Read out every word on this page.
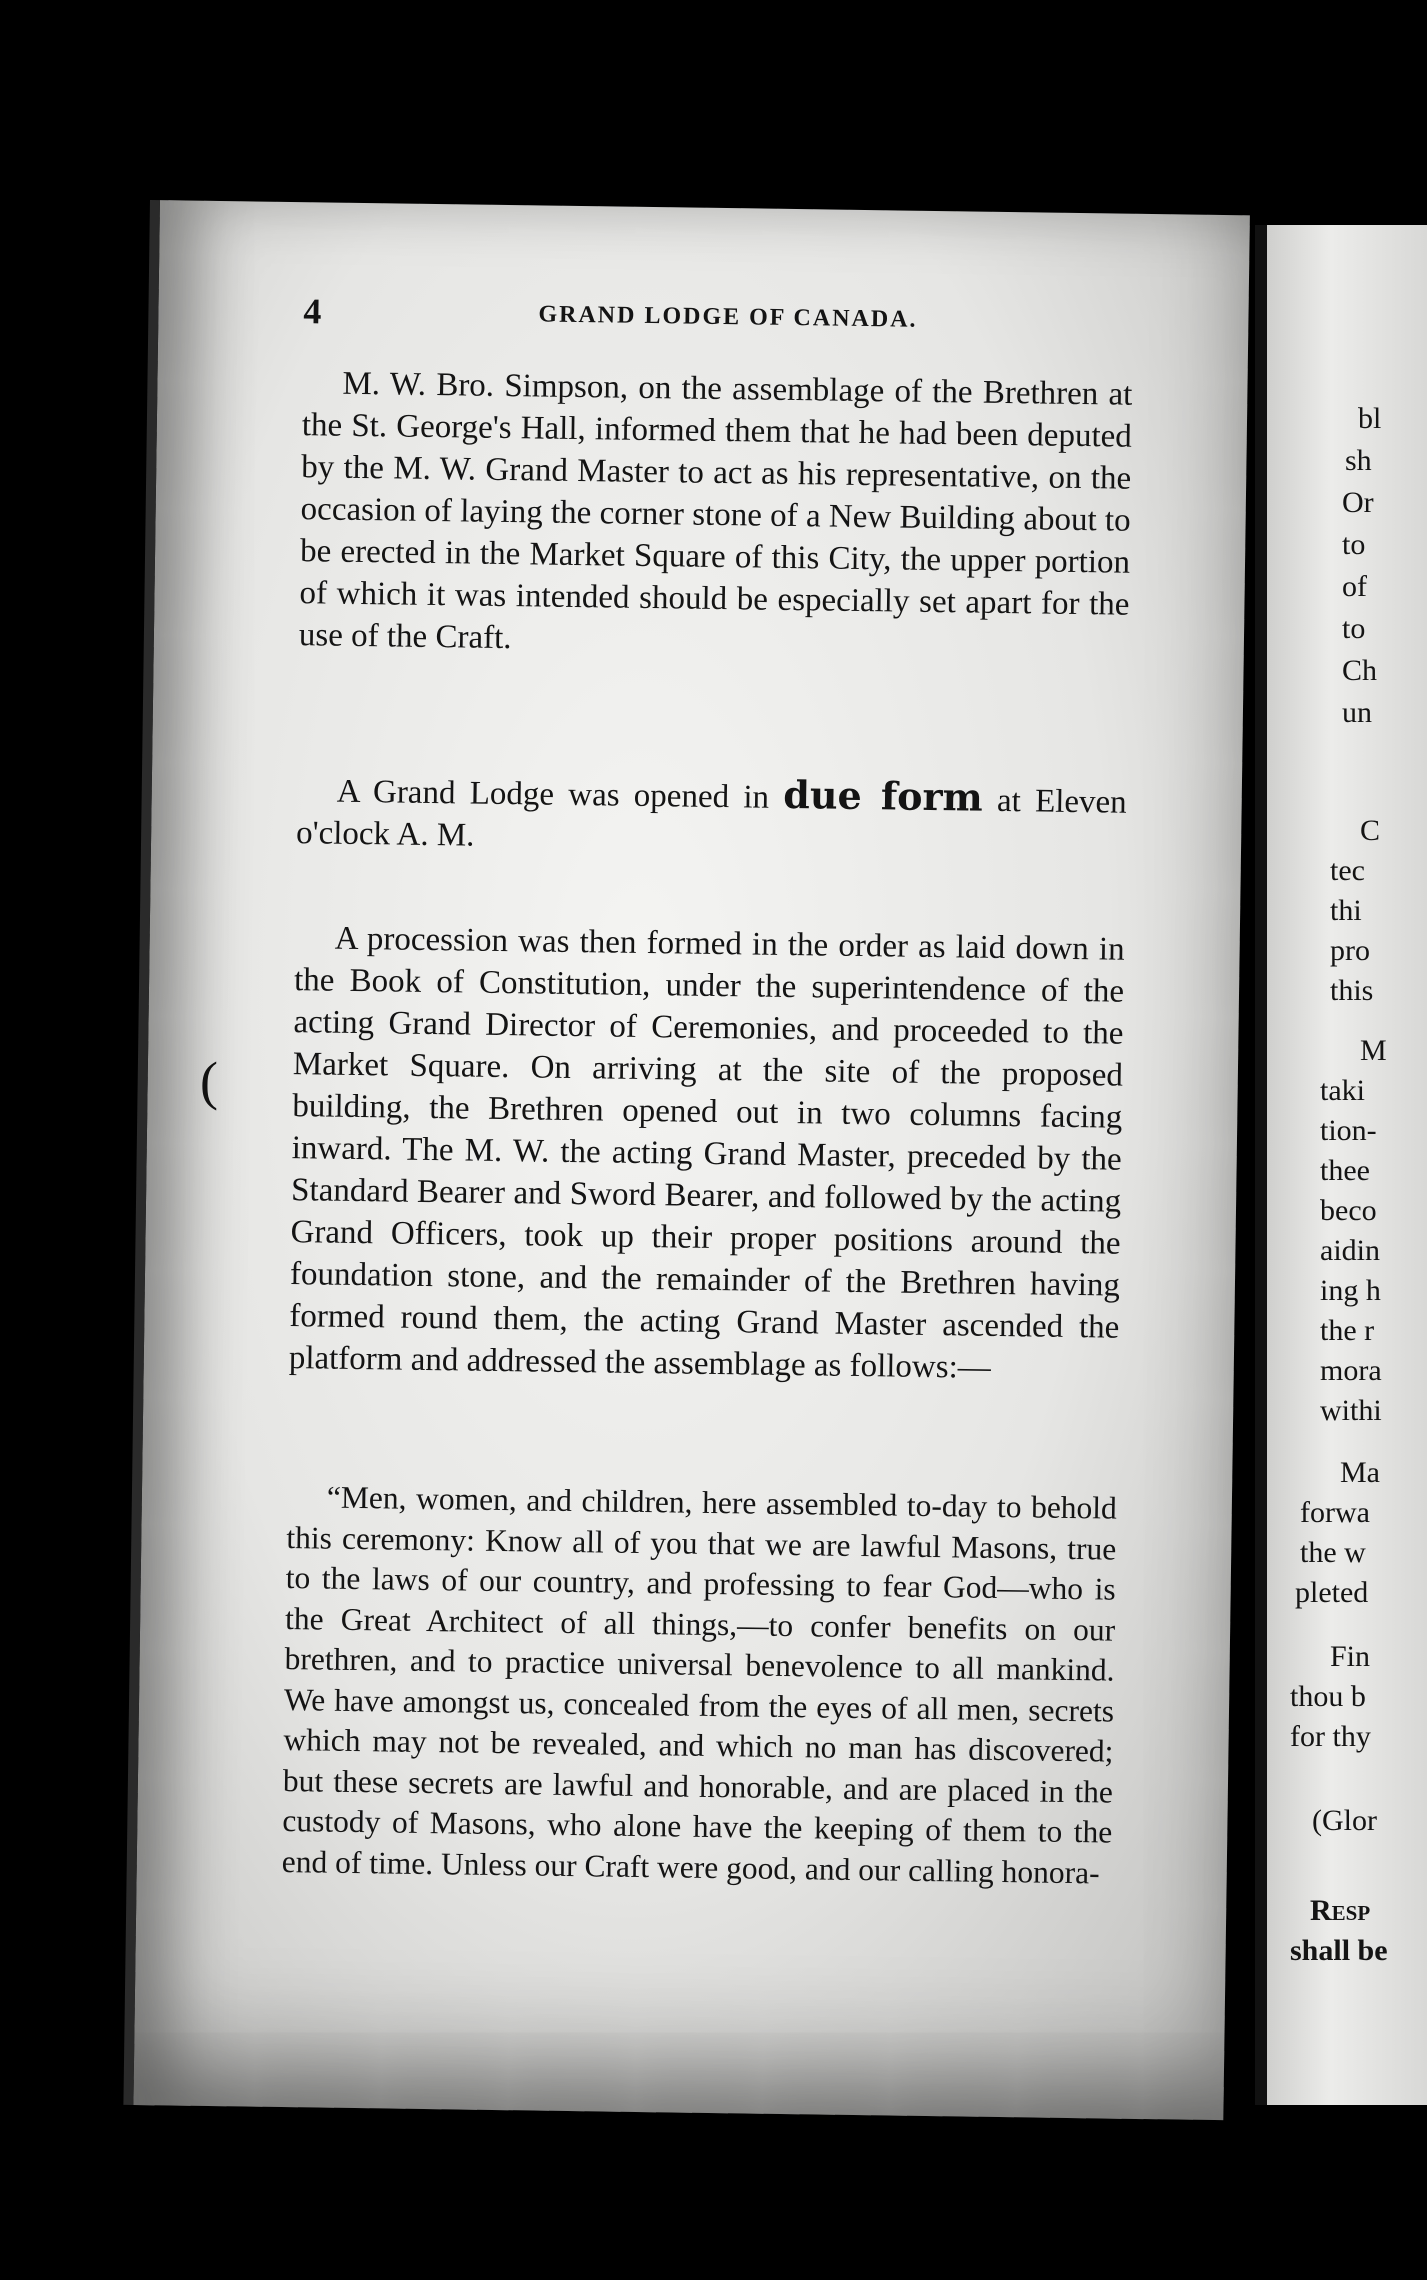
4	GRAND LODGE OF CANADA.

M. W. Bro. Simpson, on the assemblage of the Brethren at the St. George's Hall, informed them that he had been deputed by the M. W. Grand Master to act as his representative, on the occasion of laying the corner stone of a New Building about to be erected in the Market Square of this City, the upper portion of which it was intended should be especially set apart for the use of the Craft.

A Grand Lodge was opened in due form at Eleven o'clock A. M.

A procession was then formed in the order as laid down in the Book of Constitution, under the superintendence of the acting Grand Director of Ceremonies, and proceeded to the Market Square. On arriving at the site of the proposed building, the Brethren opened out in two columns facing inward. The M. W. the acting Grand Master, preceded by the Standard Bearer and Sword Bearer, and followed by the acting Grand Officers, took up their proper positions around the foundation stone, and the remainder of the Brethren having formed round them, the acting Grand Master ascended the platform and addressed the assemblage as follows:—

“Men, women, and children, here assembled to-day to behold this ceremony: Know all of you that we are lawful Masons, true to the laws of our country, and professing to fear God—who is the Great Architect of all things,—to confer benefits on our brethren, and to practice universal benevolence to all mankind. We have amongst us, concealed from the eyes of all men, secrets which may not be revealed, and which no man has discovered; but these secrets are lawful and honorable, and are placed in the custody of Masons, who alone have the keeping of them to the end of time. Unless our Craft were good, and our calling honora-

(
bl
sh
Or
to
of
to
Ch
un
C
tec
thi
pro
this
M
taki
tion-
thee
beco
aidin
ing h
the r
mora
withi
Ma
forwa
the w
pleted
Fin
thou b
for thy
(Glor
Resp
shall be
